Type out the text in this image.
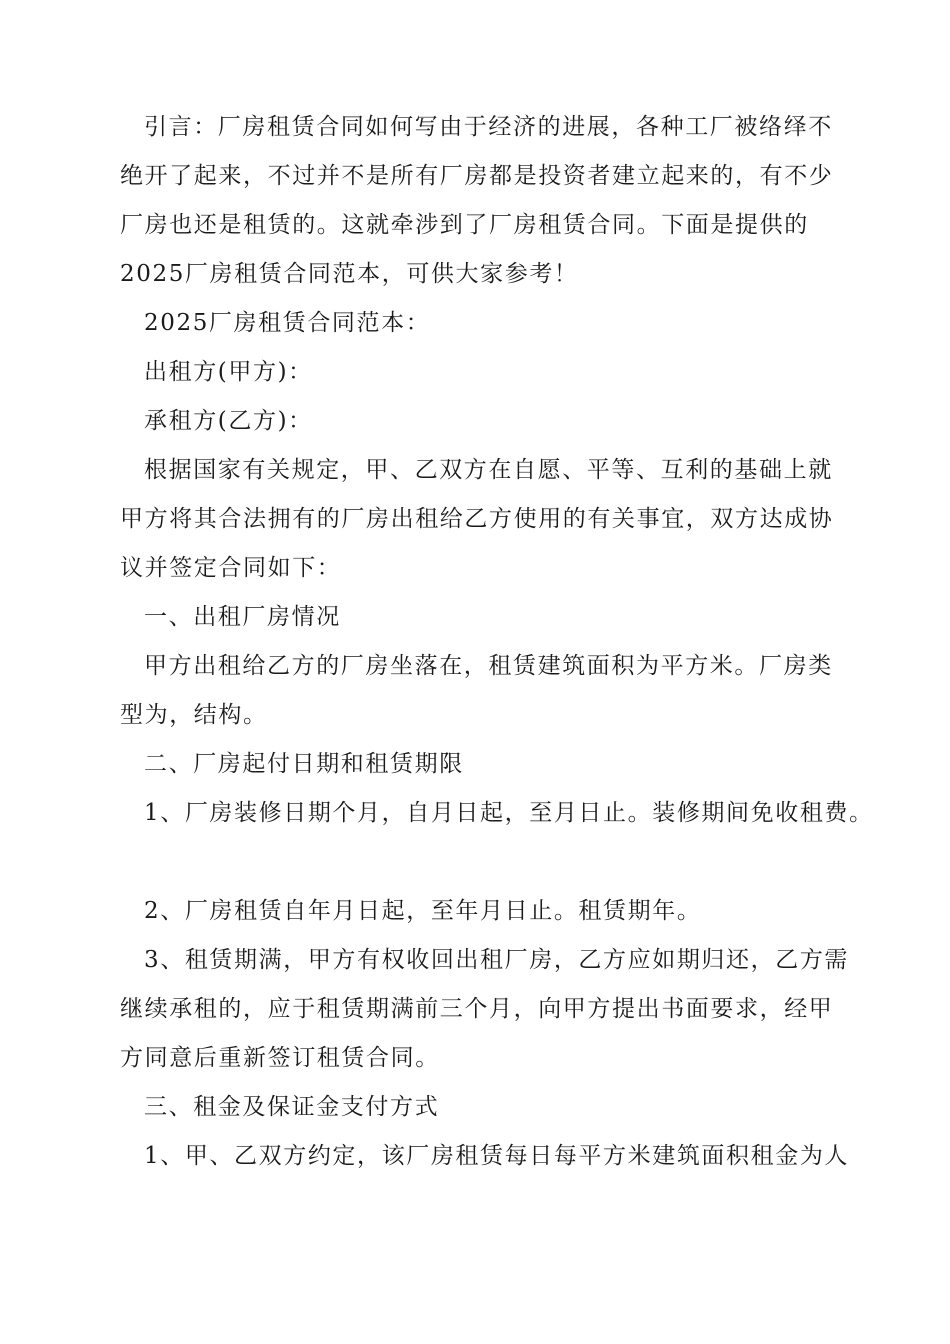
引言：厂房租赁合同如何写由于经济的进展，各种工厂被络绎不

绝开了起来，不过并不是所有厂房都是投资者建立起来的，有不少

厂房也还是租赁的。这就牵涉到了厂房租赁合同。下面是提供的

2025厂房租赁合同范本，可供大家参考！

2025厂房租赁合同范本：

出租方(甲方)：

承租方(乙方)：

根据国家有关规定，甲、乙双方在自愿、平等、互利的基础上就

甲方将其合法拥有的厂房出租给乙方使用的有关事宜，双方达成协

议并签定合同如下：

一、出租厂房情况

甲方出租给乙方的厂房坐落在，租赁建筑面积为平方米。厂房类

型为，结构。

二、厂房起付日期和租赁期限

1、厂房装修日期个月，自月日起，至月日止。装修期间免收租费。

2、厂房租赁自年月日起，至年月日止。租赁期年。

3、租赁期满，甲方有权收回出租厂房，乙方应如期归还，乙方需

继续承租的，应于租赁期满前三个月，向甲方提出书面要求，经甲

方同意后重新签订租赁合同。

三、租金及保证金支付方式

1、甲、乙双方约定，该厂房租赁每日每平方米建筑面积租金为人
